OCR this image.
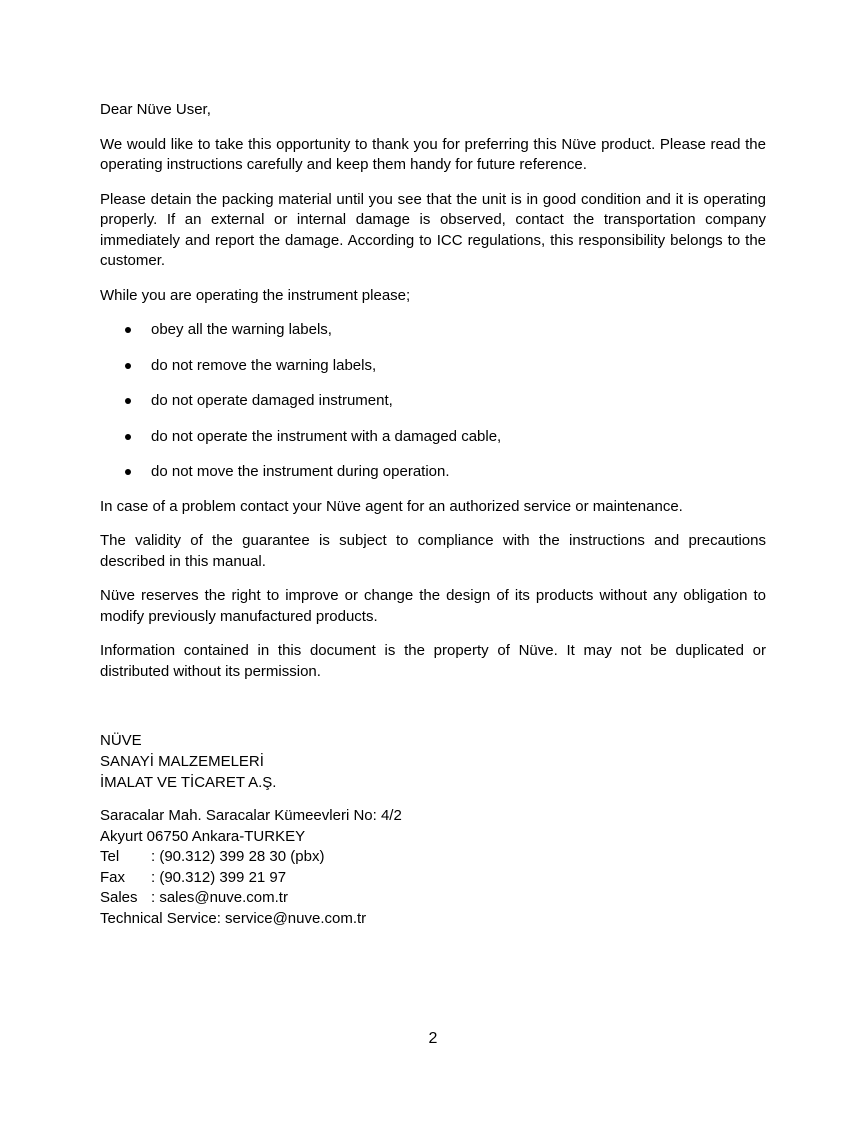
Dear Nüve User,

We would like to take this opportunity to thank you for preferring this Nüve product. Please read the operating instructions carefully and keep them handy for future reference.

Please detain the packing material until you see that the unit is in good condition and it is operating properly. If an external or internal damage is observed, contact the transportation company immediately and report the damage. According to ICC regulations, this responsibility belongs to the customer.

While you are operating the instrument please;

obey all the warning labels,
do not remove the warning labels,
do not operate damaged instrument,
do not operate the instrument with a damaged cable,
do not move the instrument during operation.

In case of a problem contact your Nüve agent for an authorized service or maintenance.

The validity of the guarantee is subject to compliance with the instructions and precautions described in this manual.

Nüve reserves the right to improve or change the design of its products without any obligation to modify previously manufactured products.

Information contained in this document is the property of Nüve. It may not be duplicated or distributed without its permission.

NÜVE
SANAYİ MALZEMELERİ
İMALAT VE TİCARET A.Ş.
Saracalar Mah. Saracalar Kümeevleri No: 4/2
Akyurt 06750 Ankara-TURKEY
Tel : (90.312) 399 28 30 (pbx)
Fax : (90.312) 399 21 97
Sales : sales@nuve.com.tr
Technical Service: service@nuve.com.tr
2
